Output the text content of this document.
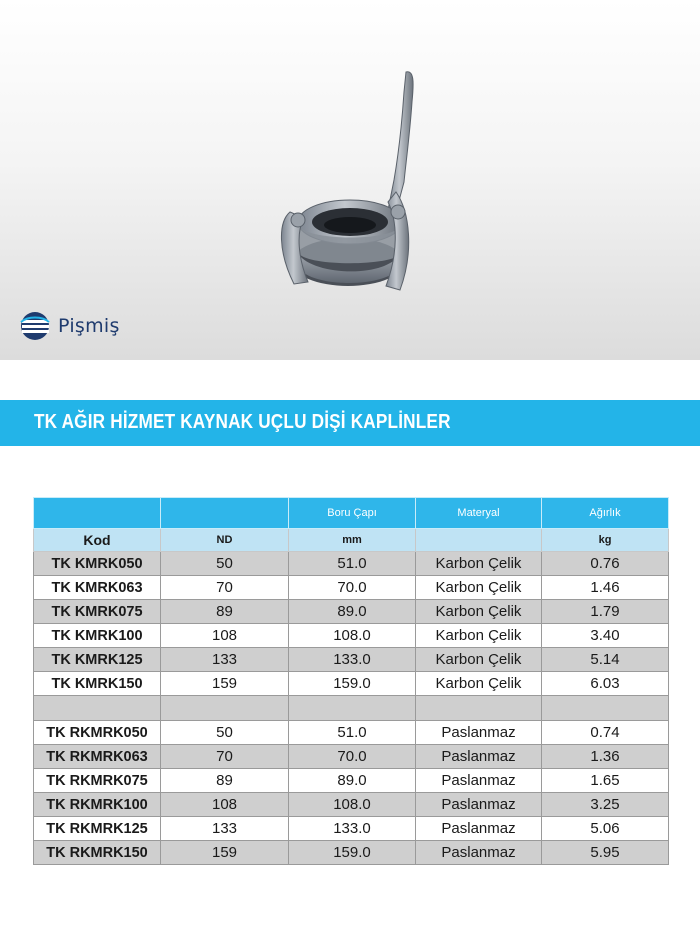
Pişmiş
TK AĞIR HİZMET KAYNAK UÇLU DİŞİ KAPLİNLER
		Boru Çapı	Materyal	Ağırlık
Kod	ND	mm		kg
TK KMRK050	50	51.0	Karbon Çelik	0.76
TK KMRK063	70	70.0	Karbon Çelik	1.46
TK KMRK075	89	89.0	Karbon Çelik	1.79
TK KMRK100	108	108.0	Karbon Çelik	3.40
TK KMRK125	133	133.0	Karbon Çelik	5.14
TK KMRK150	159	159.0	Karbon Çelik	6.03

TK RKMRK050	50	51.0	Paslanmaz	0.74
TK RKMRK063	70	70.0	Paslanmaz	1.36
TK RKMRK075	89	89.0	Paslanmaz	1.65
TK RKMRK100	108	108.0	Paslanmaz	3.25
TK RKMRK125	133	133.0	Paslanmaz	5.06
TK RKMRK150	159	159.0	Paslanmaz	5.95
